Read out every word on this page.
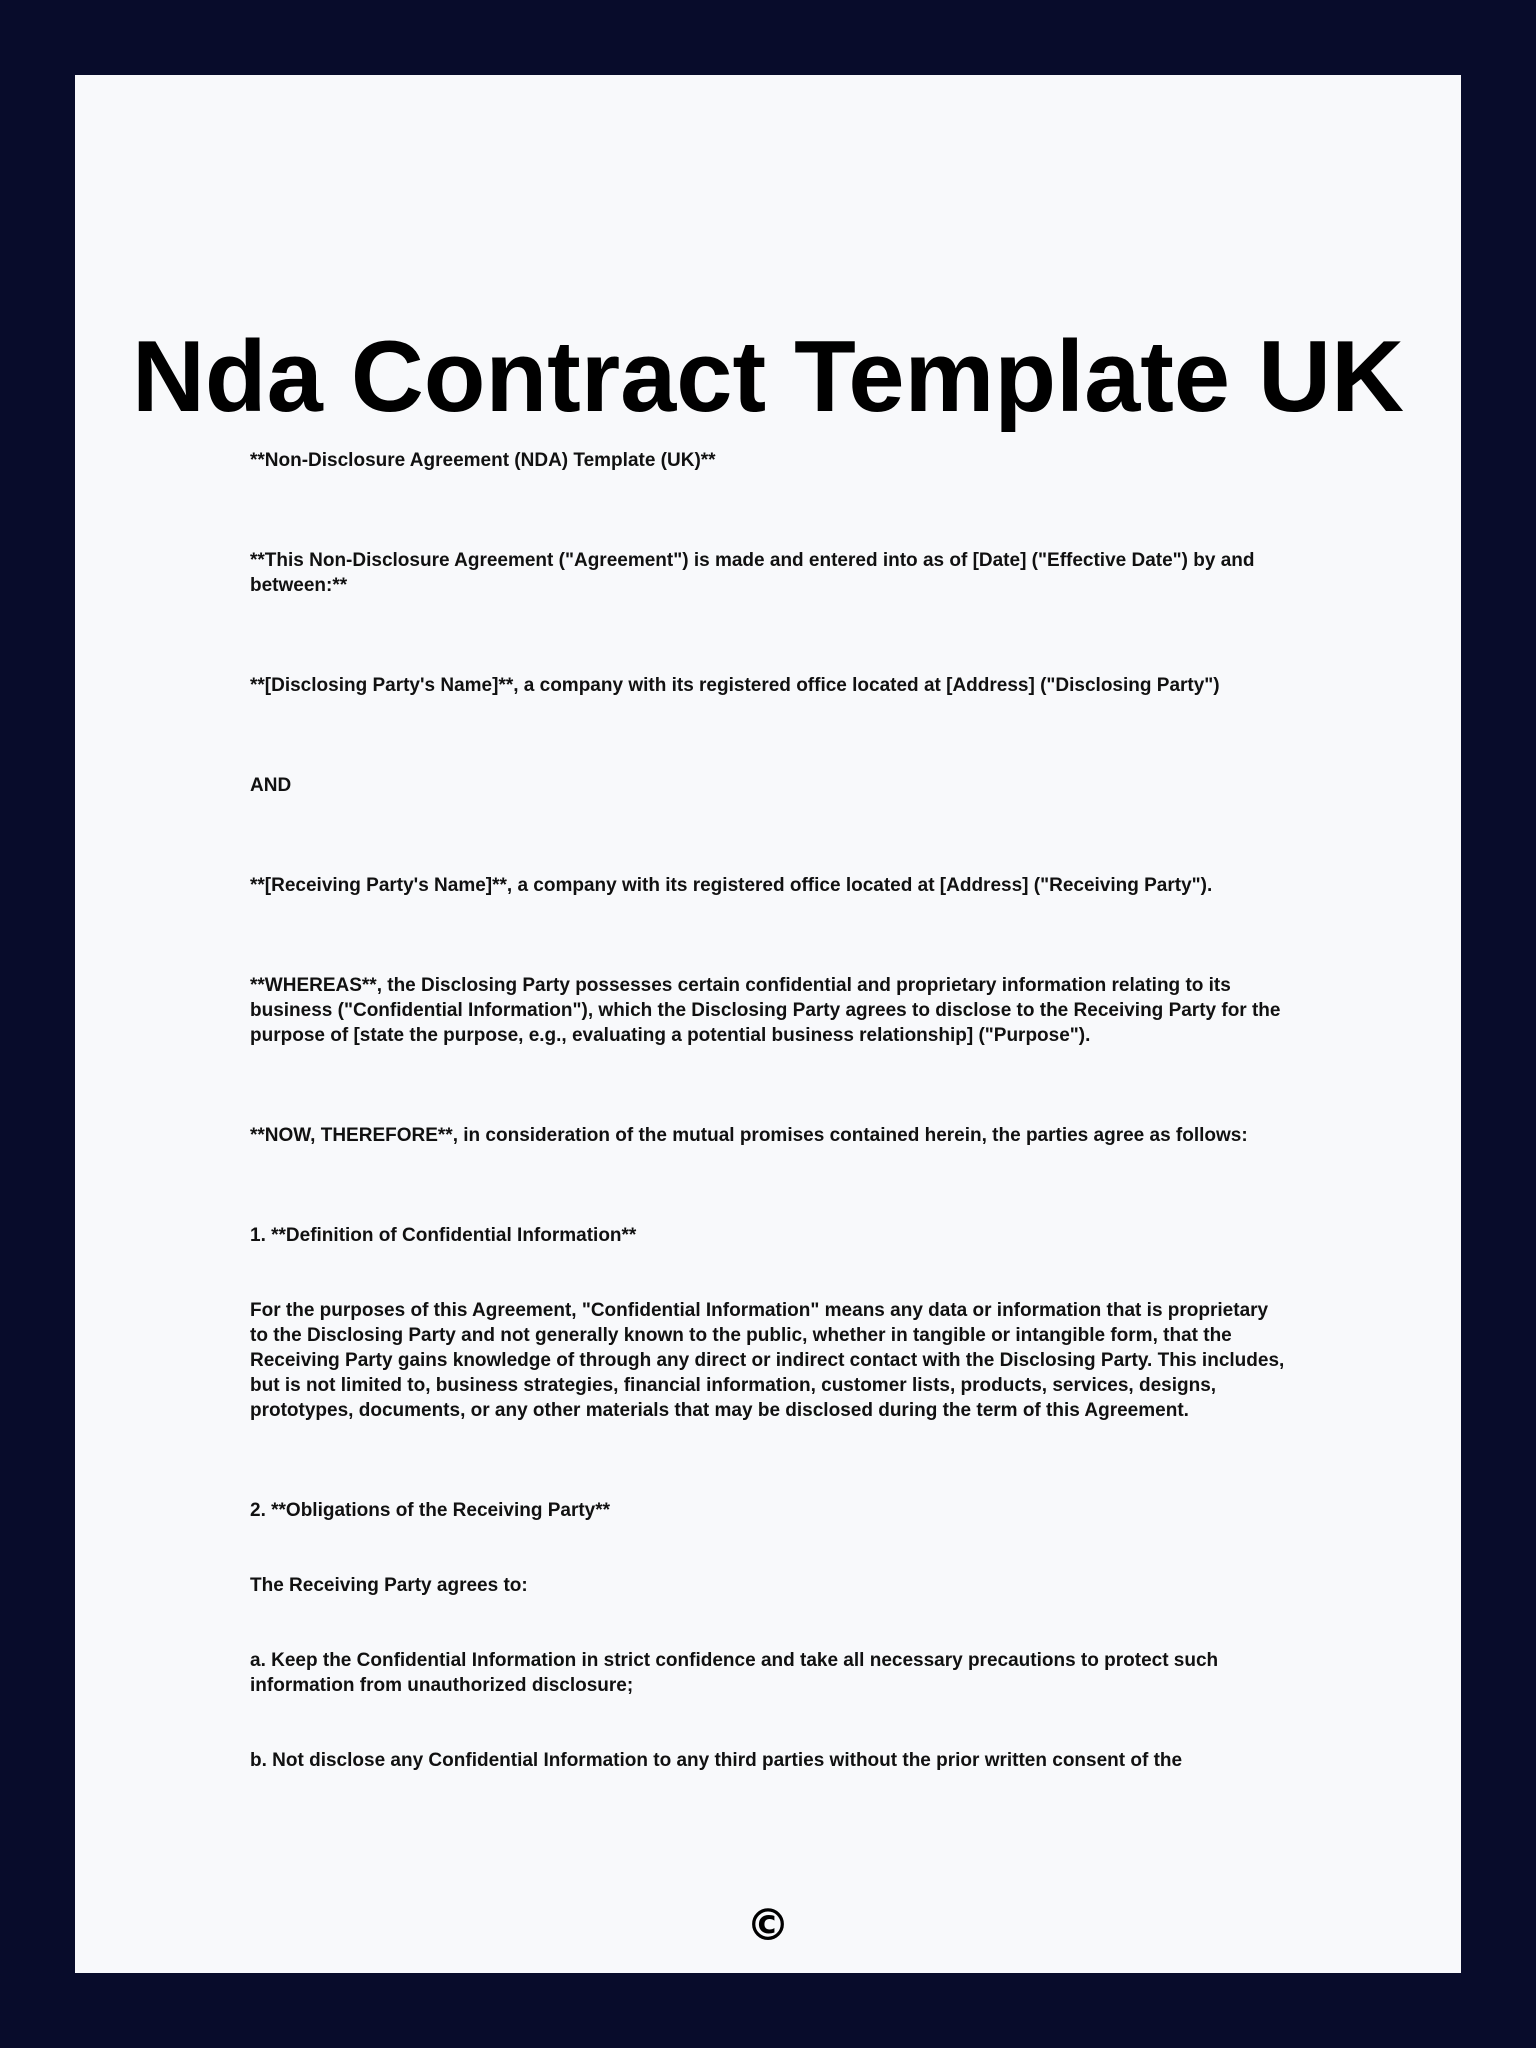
Nda Contract Template UK

**Non-Disclosure Agreement (NDA) Template (UK)**

**This Non-Disclosure Agreement ("Agreement") is made and entered into as of [Date] ("Effective Date") by and between:**

**[Disclosing Party's Name]**, a company with its registered office located at [Address] ("Disclosing Party")

AND

**[Receiving Party's Name]**, a company with its registered office located at [Address] ("Receiving Party").

**WHEREAS**, the Disclosing Party possesses certain confidential and proprietary information relating to its business ("Confidential Information"), which the Disclosing Party agrees to disclose to the Receiving Party for the purpose of [state the purpose, e.g., evaluating a potential business relationship] ("Purpose").

**NOW, THEREFORE**, in consideration of the mutual promises contained herein, the parties agree as follows:

1. **Definition of Confidential Information**

For the purposes of this Agreement, "Confidential Information" means any data or information that is proprietary to the Disclosing Party and not generally known to the public, whether in tangible or intangible form, that the Receiving Party gains knowledge of through any direct or indirect contact with the Disclosing Party. This includes, but is not limited to, business strategies, financial information, customer lists, products, services, designs, prototypes, documents, or any other materials that may be disclosed during the term of this Agreement.

2. **Obligations of the Receiving Party**

The Receiving Party agrees to:

a. Keep the Confidential Information in strict confidence and take all necessary precautions to protect such information from unauthorized disclosure;

b. Not disclose any Confidential Information to any third parties without the prior written consent of the

©
